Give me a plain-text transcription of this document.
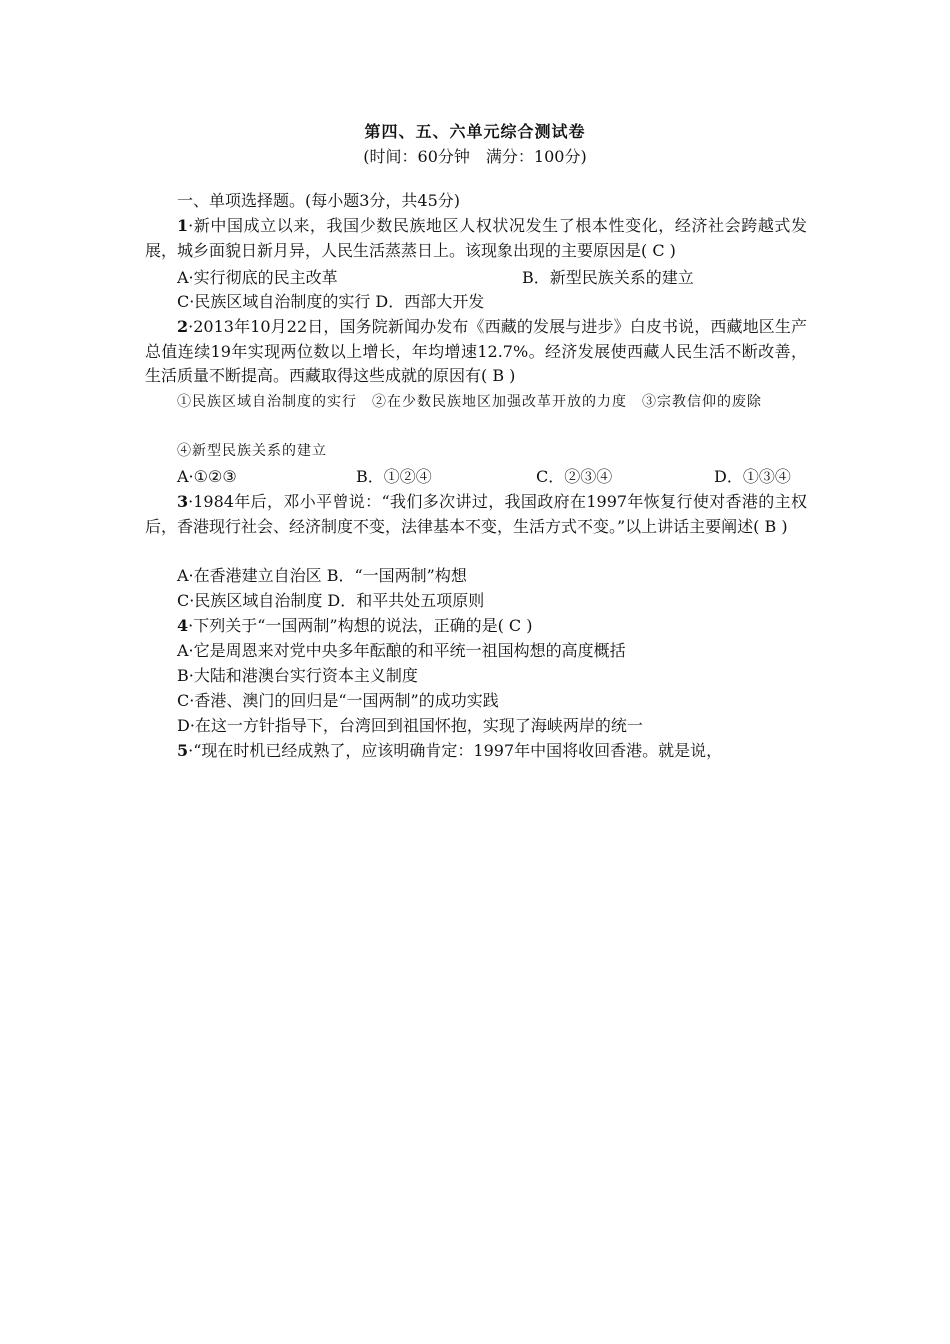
第四、五、六单元综合测试卷
(时间：60分钟　满分：100分)
一、单项选择题。(每小题3分，共45分)
1·新中国成立以来，我国少数民族地区人权状况发生了根本性变化，经济社会跨越式发展，城乡面貌日新月异，人民生活蒸蒸日上。该现象出现的主要原因是( C )
A·实行彻底的民主改革	B．新型民族关系的建立
C·民族区域自治制度的实行 D．西部大开发
2·2013年10月22日，国务院新闻办发布《西藏的发展与进步》白皮书说，西藏地区生产总值连续19年实现两位数以上增长，年均增速12.7%。经济发展使西藏人民生活不断改善，生活质量不断提高。西藏取得这些成就的原因有( B )
①民族区域自治制度的实行　②在少数民族地区加强改革开放的力度　③宗教信仰的废除
④新型民族关系的建立
A·①②③	B．①②④	C．②③④	D．①③④
3·1984年后，邓小平曾说：“我们多次讲过，我国政府在1997年恢复行使对香港的主权后，香港现行社会、经济制度不变，法律基本不变，生活方式不变。”以上讲话主要阐述( B )
A·在香港建立自治区 B．“一国两制”构想
C·民族区域自治制度 D．和平共处五项原则
4·下列关于“一国两制”构想的说法，正确的是( C )
A·它是周恩来对党中央多年酝酿的和平统一祖国构想的高度概括
B·大陆和港澳台实行资本主义制度
C·香港、澳门的回归是“一国两制”的成功实践
D·在这一方针指导下，台湾回到祖国怀抱，实现了海峡两岸的统一
5·“现在时机已经成熟了，应该明确肯定：1997年中国将收回香港。就是说，
